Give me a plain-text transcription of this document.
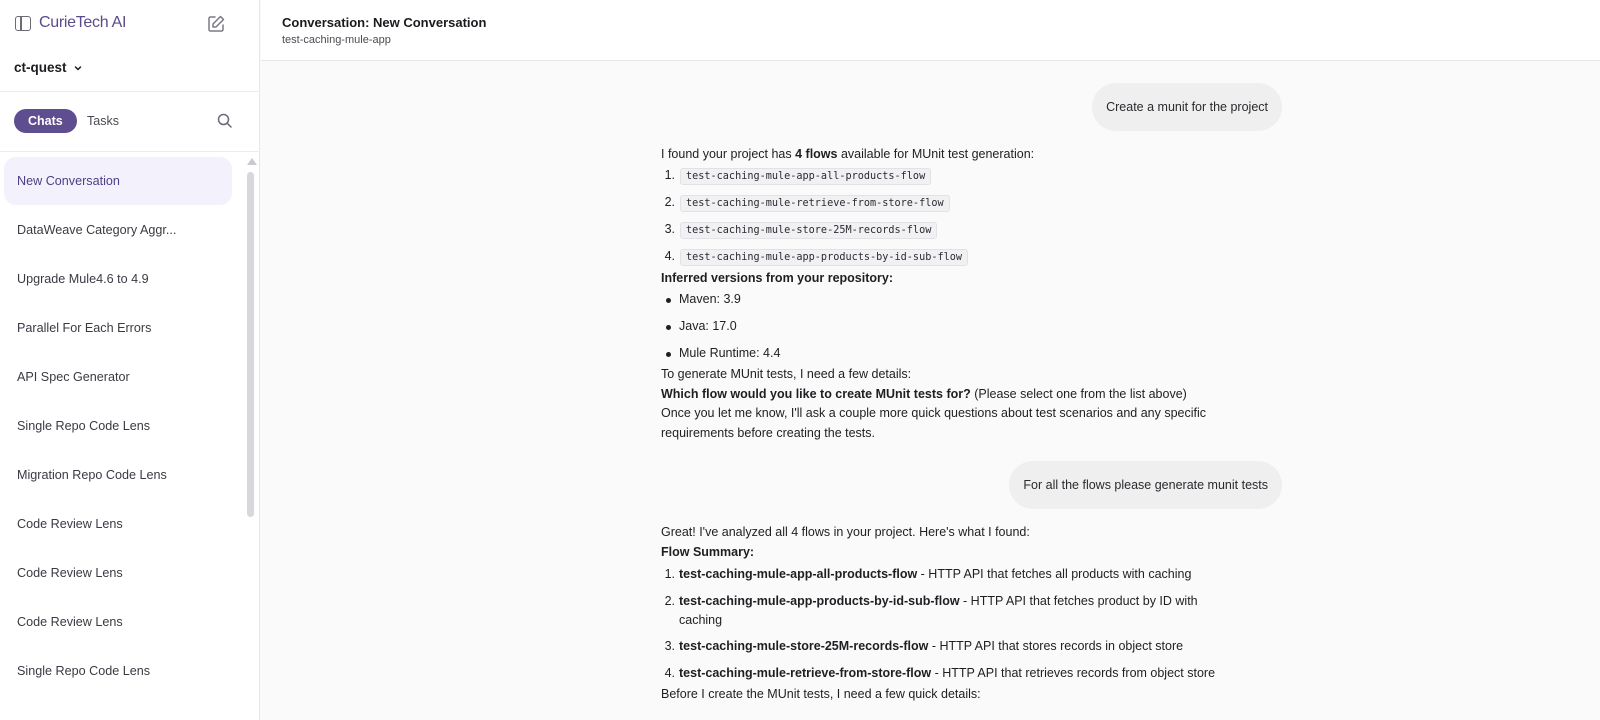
CurieTech AI
ct-quest
Chats	Tasks
New Conversation
DataWeave Category Aggr...
Upgrade Mule4.6 to 4.9
Parallel For Each Errors
API Spec Generator
Single Repo Code Lens
Migration Repo Code Lens
Code Review Lens
Code Review Lens
Code Review Lens
Single Repo Code Lens
Conversation: New Conversation
test-caching-mule-app
Create a munit for the project
I found your project has 4 flows available for MUnit test generation:
1. test-caching-mule-app-all-products-flow
2. test-caching-mule-retrieve-from-store-flow
3. test-caching-mule-store-25M-records-flow
4. test-caching-mule-app-products-by-id-sub-flow
Inferred versions from your repository:
Maven: 3.9
Java: 17.0
Mule Runtime: 4.4
To generate MUnit tests, I need a few details:
Which flow would you like to create MUnit tests for? (Please select one from the list above)
Once you let me know, I'll ask a couple more quick questions about test scenarios and any specific
requirements before creating the tests.
For all the flows please generate munit tests
Great! I've analyzed all 4 flows in your project. Here's what I found:
Flow Summary:
1. test-caching-mule-app-all-products-flow - HTTP API that fetches all products with caching
2. test-caching-mule-app-products-by-id-sub-flow - HTTP API that fetches product by ID with
caching
3. test-caching-mule-store-25M-records-flow - HTTP API that stores records in object store
4. test-caching-mule-retrieve-from-store-flow - HTTP API that retrieves records from object store
Before I create the MUnit tests, I need a few quick details:
